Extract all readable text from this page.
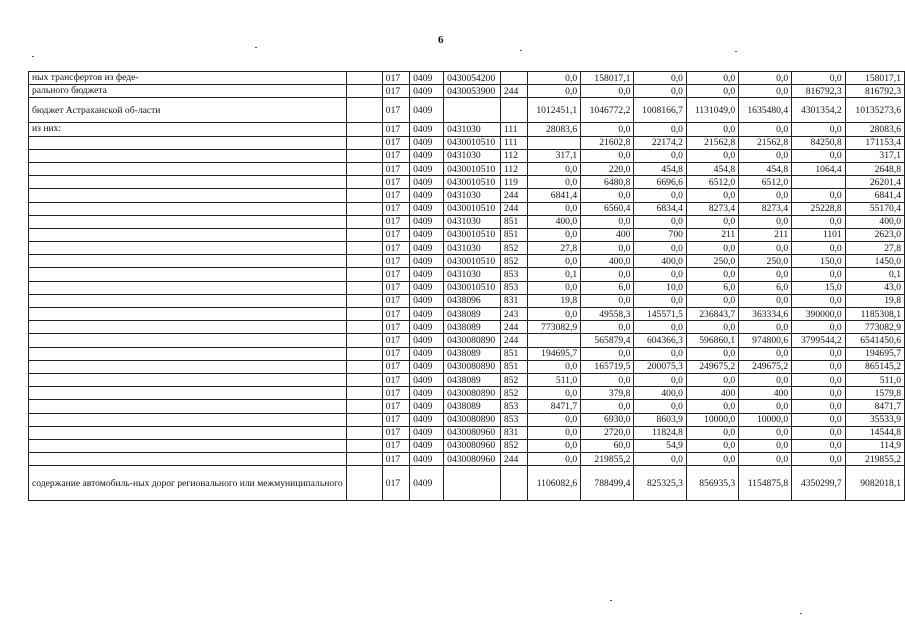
6
ных трансфертов из феде-		017	0409	0430054200		0,0	158017,1	0,0	0,0	0,0	0,0	158017,1
рального бюджета		017	0409	0430053900	244	0,0	0,0	0,0	0,0	0,0	816792,3	816792,3
бюджет Астраханской об-ласти		017	0409			1012451,1	1046772,2	1008166,7	1131049,0	1635480,4	4301354,2	10135273,6
из них:		017	0409	0431030	111	28083,6	0,0	0,0	0,0	0,0	0,0	28083,6
		017	0409	0430010510	111		21602,8	22174,2	21562,8	21562,8	84250,8	171153,4
		017	0409	0431030	112	317,1	0,0	0,0	0,0	0,0	0,0	317,1
		017	0409	0430010510	112	0,0	220,0	454,8	454,8	454,8	1064,4	2648,8
		017	0409	0430010510	119	0,0	6480,8	6696,6	6512,0	6512,0		26201,4
		017	0409	0431030	244	6841,4	0,0	0,0	0,0	0,0	0,0	6841,4
		017	0409	0430010510	244	0,0	6560,4	6834,4	8273,4	8273,4	25228,8	55170,4
		017	0409	0431030	851	400,0	0,0	0,0	0,0	0,0	0,0	400,0
		017	0409	0430010510	851	0,0	400	700	211	211	1101	2623,0
		017	0409	0431030	852	27,8	0,0	0,0	0,0	0,0	0,0	27,8
		017	0409	0430010510	852	0,0	400,0	400,0	250,0	250,0	150,0	1450,0
		017	0409	0431030	853	0,1	0,0	0,0	0,0	0,0	0,0	0,1
		017	0409	0430010510	853	0,0	6,0	10,0	6,0	6,0	15,0	43,0
		017	0409	0438096	831	19,8	0,0	0,0	0,0	0,0	0,0	19,8
		017	0409	0438089	243	0,0	49558,3	145571,5	236843,7	363334,6	390000,0	1185308,1
		017	0409	0438089	244	773082,9	0,0	0,0	0,0	0,0	0,0	773082,9
		017	0409	0430080890	244		565879,4	604366,3	596860,1	974800,6	3799544,2	6541450,6
		017	0409	0438089	851	194695,7	0,0	0,0	0,0	0,0	0,0	194695,7
		017	0409	0430080890	851	0,0	165719,5	200075,3	249675,2	249675,2	0,0	865145,2
		017	0409	0438089	852	511,0	0,0	0,0	0,0	0,0	0,0	511,0
		017	0409	0430080890	852	0,0	379,8	400,0	400	400	0,0	1579,8
		017	0409	0438089	853	8471,7	0,0	0,0	0,0	0,0	0,0	8471,7
		017	0409	0430080890	853	0,0	6930,0	8603,9	10000,0	10000,0	0,0	35533,9
		017	0409	0430080960	831	0,0	2720,0	11824,8	0,0	0,0	0,0	14544,8
		017	0409	0430080960	852	0,0	60,0	54,9	0,0	0,0	0,0	114,9
		017	0409	0430080960	244	0,0	219855,2	0,0	0,0	0,0	0,0	219855,2
содержание автомобиль-ных дорог регионального или межмуниципального		017	0409			1106082,6	788499,4	825325,3	856935,3	1154875,8	4350299,7	9082018,1
